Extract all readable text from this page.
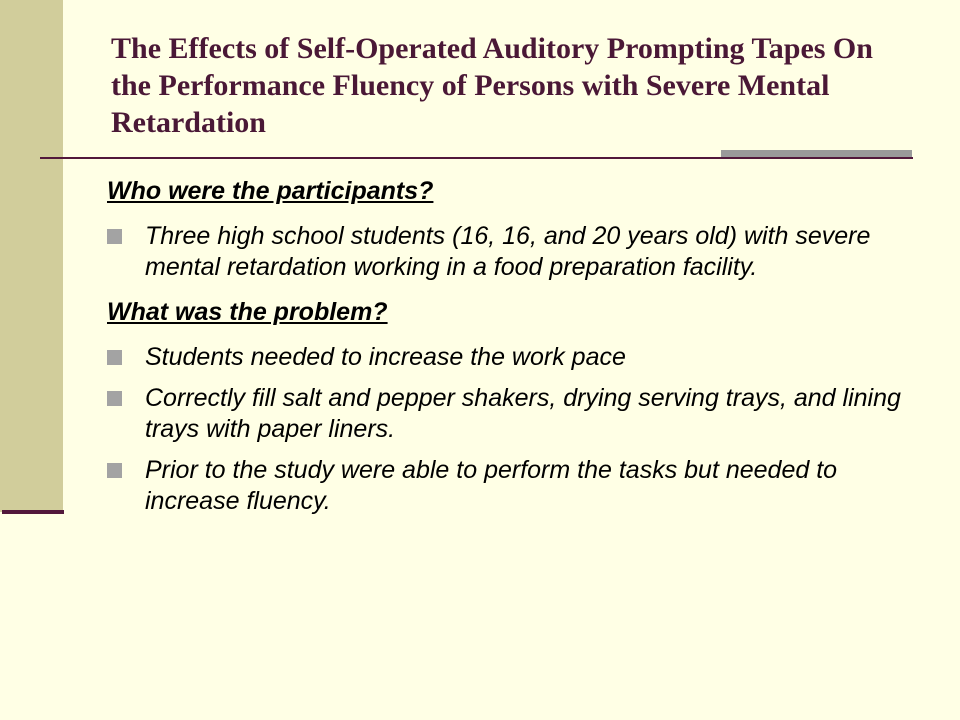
The Effects of Self-Operated Auditory Prompting Tapes On the Performance Fluency of Persons with Severe Mental Retardation

Who were the participants?

Three high school students (16, 16, and 20 years old) with severe mental retardation working in a food preparation facility.

What was the problem?

Students needed to increase the work pace
Correctly fill salt and pepper shakers, drying serving trays, and lining trays with paper liners.
Prior to the study were able to perform the tasks but needed to increase fluency.
